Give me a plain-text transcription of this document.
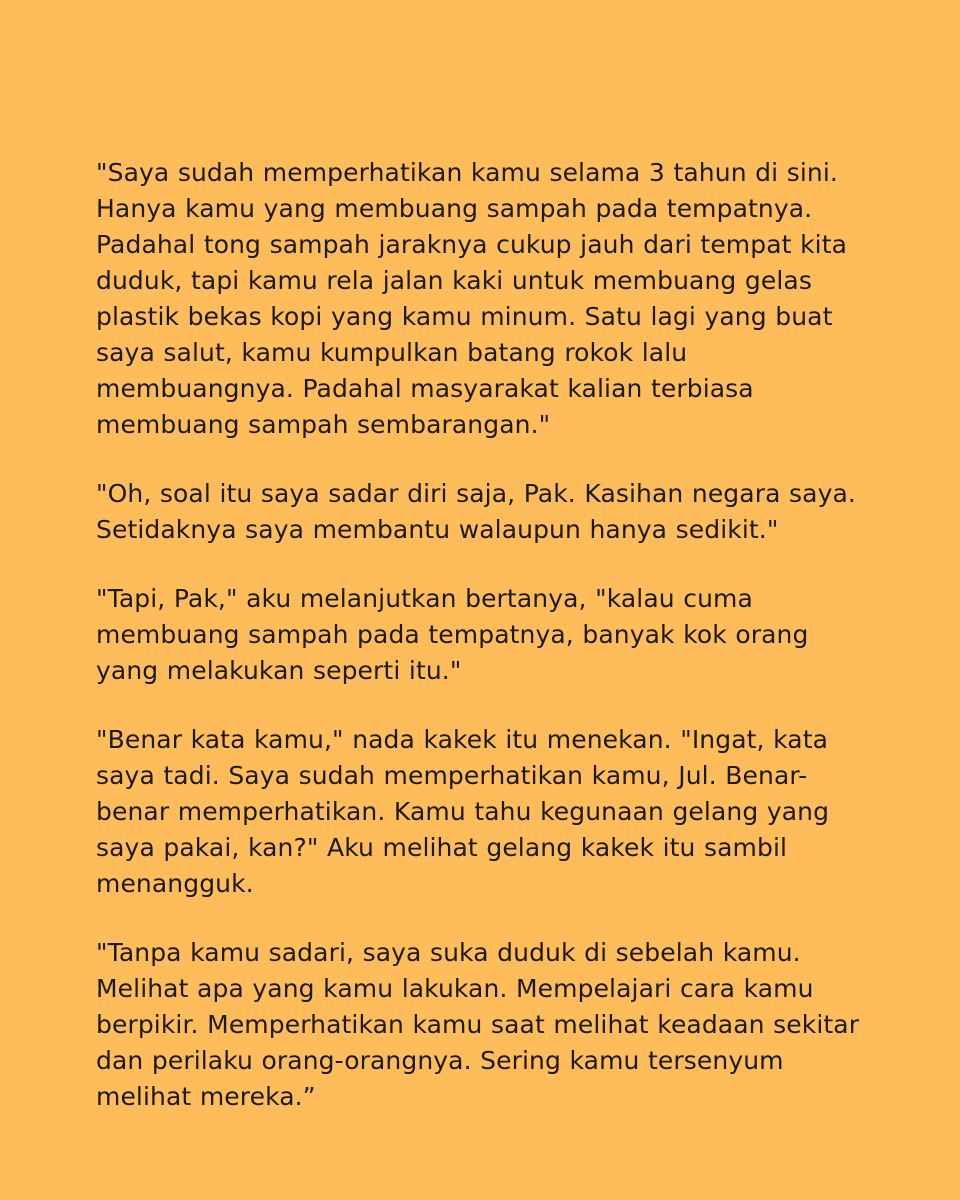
"Saya sudah memperhatikan kamu selama 3 tahun di sini. Hanya kamu yang membuang sampah pada tempatnya. Padahal tong sampah jaraknya cukup jauh dari tempat kita duduk, tapi kamu rela jalan kaki untuk membuang gelas plastik bekas kopi yang kamu minum. Satu lagi yang buat saya salut, kamu kumpulkan batang rokok lalu membuangnya. Padahal masyarakat kalian terbiasa membuang sampah sembarangan."

"Oh, soal itu saya sadar diri saja, Pak. Kasihan negara saya. Setidaknya saya membantu walaupun hanya sedikit."

"Tapi, Pak," aku melanjutkan bertanya, "kalau cuma membuang sampah pada tempatnya, banyak kok orang yang melakukan seperti itu."

"Benar kata kamu," nada kakek itu menekan. "Ingat, kata saya tadi. Saya sudah memperhatikan kamu, Jul. Benar-benar memperhatikan. Kamu tahu kegunaan gelang yang saya pakai, kan?" Aku melihat gelang kakek itu sambil menangguk.

"Tanpa kamu sadari, saya suka duduk di sebelah kamu. Melihat apa yang kamu lakukan. Mempelajari cara kamu berpikir. Memperhatikan kamu saat melihat keadaan sekitar dan perilaku orang-orangnya. Sering kamu tersenyum melihat mereka.”
